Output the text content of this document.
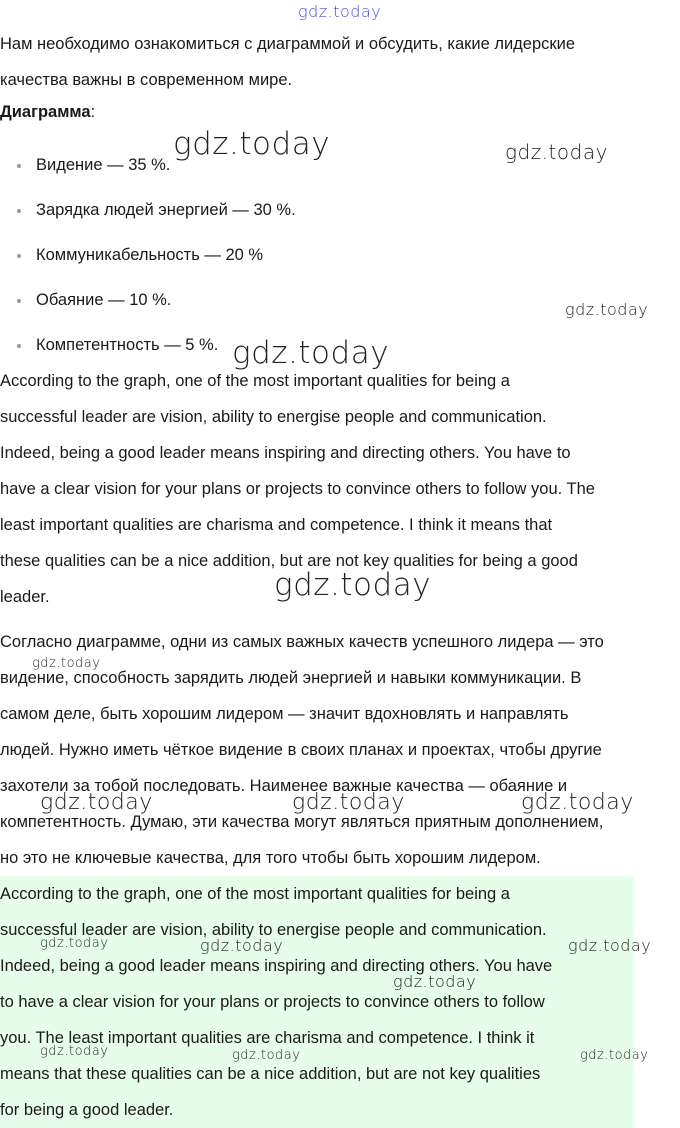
Нам необходимо ознакомиться с диаграммой и обсудить, какие лидерские
качества важны в современном мире.
Диаграмма:
Видение — 35 %.
Зарядка людей энергией — 30 %.
Коммуникабельность — 20 %
Обаяние — 10 %.
Компетентность — 5 %.
According to the graph, one of the most important qualities for being a
successful leader are vision, ability to energise people and communication.
Indeed, being a good leader means inspiring and directing others. You have to
have a clear vision for your plans or projects to convince others to follow you. The
least important qualities are charisma and competence. I think it means that
these qualities can be a nice addition, but are not key qualities for being a good
leader.
Согласно диаграмме, одни из самых важных качеств успешного лидера — это
видение, способность зарядить людей энергией и навыки коммуникации. В
самом деле, быть хорошим лидером — значит вдохновлять и направлять
людей. Нужно иметь чёткое видение в своих планах и проектах, чтобы другие
захотели за тобой последовать. Наименее важные качества — обаяние и
компетентность. Думаю, эти качества могут являться приятным дополнением,
но это не ключевые качества, для того чтобы быть хорошим лидером.
According to the graph, one of the most important qualities for being a
successful leader are vision, ability to energise people and communication.
Indeed, being a good leader means inspiring and directing others. You have
to have a clear vision for your plans or projects to convince others to follow
you. The least important qualities are charisma and competence. I think it
means that these qualities can be a nice addition, but are not key qualities
for being a good leader.
gdz.today
gdz.today	gdz.today
gdz.today
gdz.today
gdz.today
gdz.today
gdz.today	gdz.today	gdz.today
gdz.today	gdz.today	gdz.today
gdz.today
gdz.today	gdz.today	gdz.today
